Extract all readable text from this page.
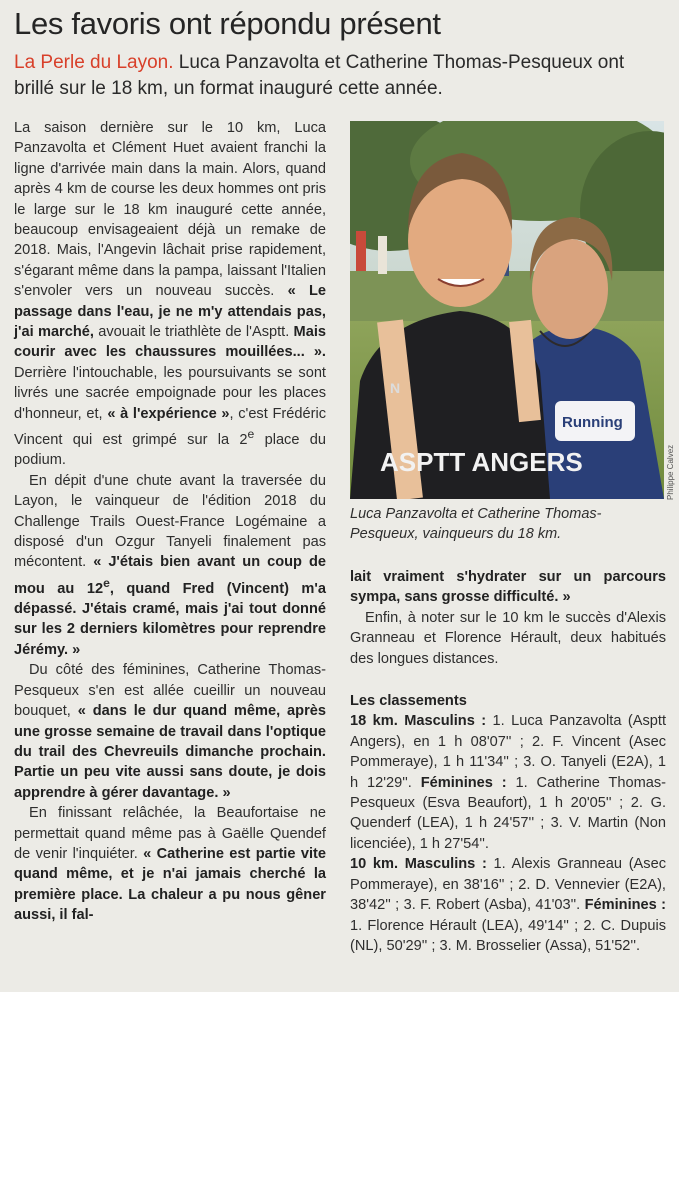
Les favoris ont répondu présent

La Perle du Layon. Luca Panzavolta et Catherine Thomas-Pesqueux ont brillé sur le 18 km, un format inauguré cette année.

La saison dernière sur le 10 km, Luca Panzavolta et Clément Huet avaient franchi la ligne d'arrivée main dans la main. Alors, quand après 4 km de course les deux hommes ont pris le large sur le 18 km inauguré cette année, beaucoup envisageaient déjà un remake de 2018. Mais, l'Angevin lâchait prise rapidement, s'égarant même dans la pampa, laissant l'Italien s'envoler vers un nouveau succès. « Le passage dans l'eau, je ne m'y attendais pas, j'ai marché, avouait le triathlète de l'Asptt. Mais courir avec les chaussures mouillées... ». Derrière l'intouchable, les poursuivants se sont livrés une sacrée empoignade pour les places d'honneur, et, « à l'expérience », c'est Frédéric Vincent qui est grimpé sur la 2e place du podium.

En dépit d'une chute avant la traversée du Layon, le vainqueur de l'édition 2018 du Challenge Trails Ouest-France Logémaine a disposé d'un Ozgur Tanyeli finalement pas mécontent. « J'étais bien avant un coup de mou au 12e, quand Fred (Vincent) m'a dépassé. J'étais cramé, mais j'ai tout donné sur les 2 derniers kilomètres pour reprendre Jérémy. »

Du côté des féminines, Catherine Thomas-Pesqueux s'en est allée cueillir un nouveau bouquet, « dans le dur quand même, après une grosse semaine de travail dans l'optique du trail des Chevreuils dimanche prochain. Partie un peu vite aussi sans doute, je dois apprendre à gérer davantage. »

En finissant relâchée, la Beaufortaise ne permettait quand même pas à Gaëlle Quendef de venir l'inquiéter. « Catherine est partie vite quand même, et je n'ai jamais cherché la première place. La chaleur a pu nous gêner aussi, il fal-

ASPTT ANGERS
N
Running
Philippe Calvez

Luca Panzavolta et Catherine Thomas-Pesqueux, vainqueurs du 18 km.

lait vraiment s'hydrater sur un parcours sympa, sans grosse difficulté. »

Enfin, à noter sur le 10 km le succès d'Alexis Granneau et Florence Hérault, deux habitués des longues distances.

Les classements

18 km. Masculins : 1. Luca Panzavolta (Asptt Angers), en 1 h 08'07'' ; 2. F. Vincent (Asec Pommeraye), 1 h 11'34'' ; 3. O. Tanyeli (E2A), 1 h 12'29''. Féminines : 1. Catherine Thomas-Pesqueux (Esva Beaufort), 1 h 20'05'' ; 2. G. Quenderf (LEA), 1 h 24'57'' ; 3. V. Martin (Non licenciée), 1 h 27'54''.

10 km. Masculins : 1. Alexis Granneau (Asec Pommeraye), en 38'16'' ; 2. D. Vennevier (E2A), 38'42'' ; 3. F. Robert (Asba), 41'03''. Féminines : 1. Florence Hérault (LEA), 49'14'' ; 2. C. Dupuis (NL), 50'29'' ; 3. M. Brosselier (Assa), 51'52''.
